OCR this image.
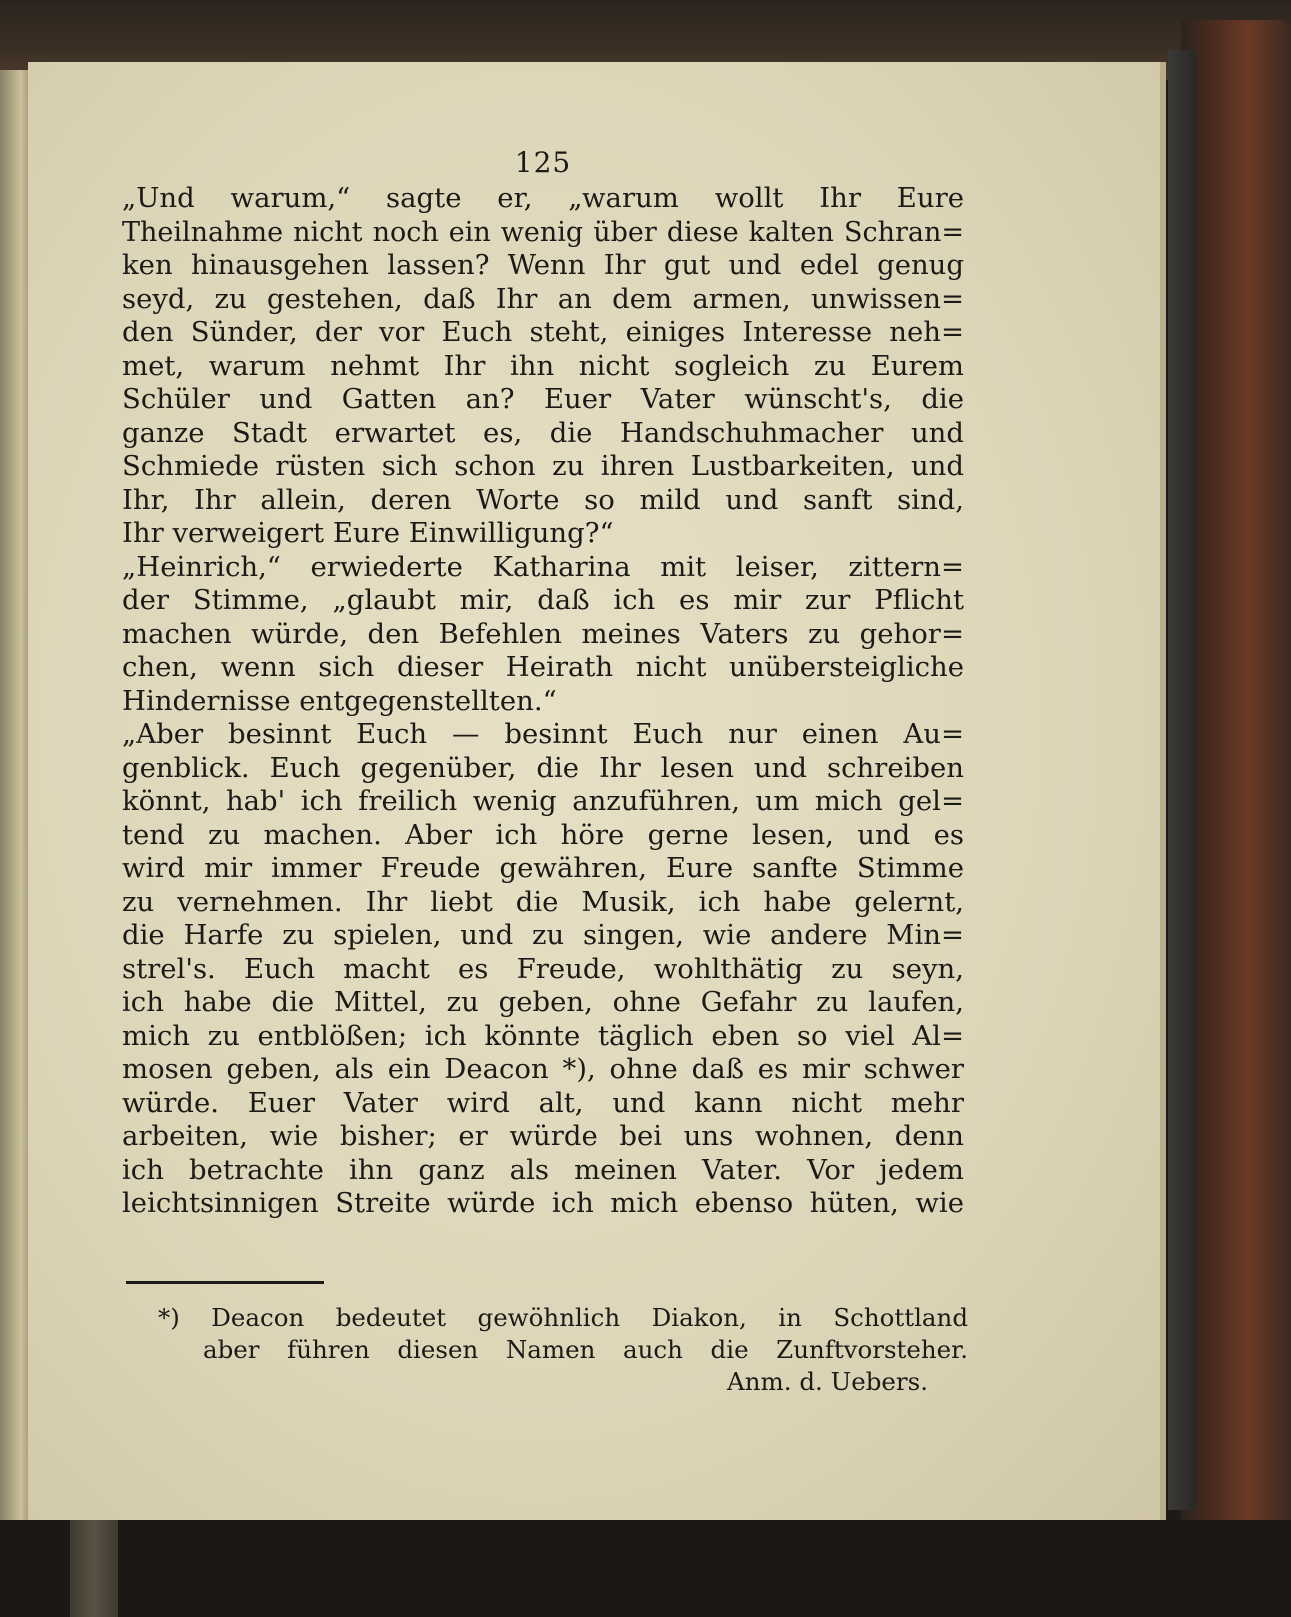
125
„Und warum,“ sagte er, „warum wollt Ihr Eure
Theilnahme nicht noch ein wenig über diese kalten Schran=
ken hinausgehen lassen? Wenn Ihr gut und edel genug
seyd, zu gestehen, daß Ihr an dem armen, unwissen=
den Sünder, der vor Euch steht, einiges Interesse neh=
met, warum nehmt Ihr ihn nicht sogleich zu Eurem
Schüler und Gatten an? Euer Vater wünscht's, die
ganze Stadt erwartet es, die Handschuhmacher und
Schmiede rüsten sich schon zu ihren Lustbarkeiten, und
Ihr, Ihr allein, deren Worte so mild und sanft sind,
Ihr verweigert Eure Einwilligung?“
„Heinrich,“ erwiederte Katharina mit leiser, zittern=
der Stimme, „glaubt mir, daß ich es mir zur Pflicht
machen würde, den Befehlen meines Vaters zu gehor=
chen, wenn sich dieser Heirath nicht unübersteigliche
Hindernisse entgegenstellten.“
„Aber besinnt Euch — besinnt Euch nur einen Au=
genblick. Euch gegenüber, die Ihr lesen und schreiben
könnt, hab' ich freilich wenig anzuführen, um mich gel=
tend zu machen. Aber ich höre gerne lesen, und es
wird mir immer Freude gewähren, Eure sanfte Stimme
zu vernehmen. Ihr liebt die Musik, ich habe gelernt,
die Harfe zu spielen, und zu singen, wie andere Min=
strel's. Euch macht es Freude, wohlthätig zu seyn,
ich habe die Mittel, zu geben, ohne Gefahr zu laufen,
mich zu entblößen; ich könnte täglich eben so viel Al=
mosen geben, als ein Deacon *), ohne daß es mir schwer
würde. Euer Vater wird alt, und kann nicht mehr
arbeiten, wie bisher; er würde bei uns wohnen, denn
ich betrachte ihn ganz als meinen Vater. Vor jedem
leichtsinnigen Streite würde ich mich ebenso hüten, wie
*) Deacon bedeutet gewöhnlich Diakon, in Schottland
aber führen diesen Namen auch die Zunftvorsteher.
Anm. d. Uebers.
